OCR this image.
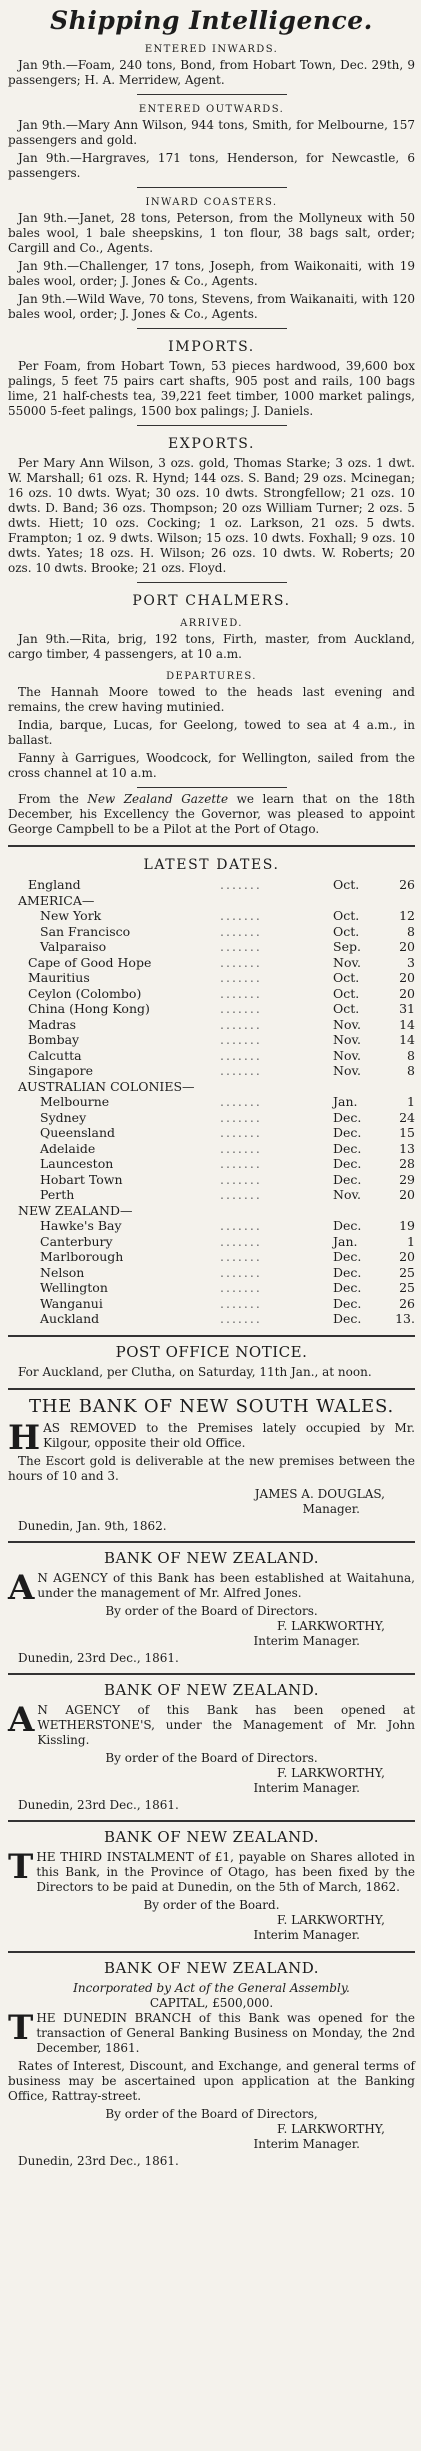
Shipping Intelligence.
ENTERED INWARDS.

Jan 9th.—Foam, 240 tons, Bond, from Hobart Town, Dec. 29th, 9 passengers; H. A. Merridew, Agent.

ENTERED OUTWARDS.

Jan 9th.—Mary Ann Wilson, 944 tons, Smith, for Melbourne, 157 passengers and gold.

Jan 9th.—Hargraves, 171 tons, Henderson, for Newcastle, 6 passengers.

INWARD COASTERS.

Jan 9th.—Janet, 28 tons, Peterson, from the Mollyneux with 50 bales wool, 1 bale sheepskins, 1 ton flour, 38 bags salt, order; Cargill and Co., Agents.

Jan 9th.—Challenger, 17 tons, Joseph, from Waikonaiti, with 19 bales wool, order; J. Jones & Co., Agents.

Jan 9th.—Wild Wave, 70 tons, Stevens, from Waikanaiti, with 120 bales wool, order; J. Jones & Co., Agents.

IMPORTS.

Per Foam, from Hobart Town, 53 pieces hardwood, 39,600 box palings, 5 feet 75 pairs cart shafts, 905 post and rails, 100 bags lime, 21 half-chests tea, 39,221 feet timber, 1000 market palings, 55000 5-feet palings, 1500 box palings; J. Daniels.

EXPORTS.

Per Mary Ann Wilson, 3 ozs. gold, Thomas Starke; 3 ozs. 1 dwt. W. Marshall; 61 ozs. R. Hynd; 144 ozs. S. Band; 29 ozs. Mcinegan; 16 ozs. 10 dwts. Wyat; 30 ozs. 10 dwts. Strongfellow; 21 ozs. 10 dwts. D. Band; 36 ozs. Thompson; 20 ozs William Turner; 2 ozs. 5 dwts. Hiett; 10 ozs. Cocking; 1 oz. Larkson, 21 ozs. 5 dwts. Frampton; 1 oz. 9 dwts. Wilson; 15 ozs. 10 dwts. Foxhall; 9 ozs. 10 dwts. Yates; 18 ozs. H. Wilson; 26 ozs. 10 dwts. W. Roberts; 20 ozs. 10 dwts. Brooke; 21 ozs. Floyd.

PORT CHALMERS.
ARRIVED.

Jan 9th.—Rita, brig, 192 tons, Firth, master, from Auckland, cargo timber, 4 passengers, at 10 a.m.

DEPARTURES.

The Hannah Moore towed to the heads last evening and remains, the crew having mutinied.

India, barque, Lucas, for Geelong, towed to sea at 4 a.m., in ballast.

Fanny à Garrigues, Woodcock, for Wellington, sailed from the cross channel at 10 a.m.

From the New Zealand Gazette we learn that on the 18th December, his Excellency the Governor, was pleased to appoint George Campbell to be a Pilot at the Port of Otago.

LATEST DATES.
England	.......	Oct.	26
AMERICA—			
New York	.......	Oct.	12
San Francisco	.......	Oct.	8
Valparaiso	.......	Sep.	20
Cape of Good Hope	.......	Nov.	3
Mauritius	.......	Oct.	20
Ceylon (Colombo)	.......	Oct.	20
China (Hong Kong)	.......	Oct.	31
Madras	.......	Nov.	14
Bombay	.......	Nov.	14
Calcutta	.......	Nov.	8
Singapore	.......	Nov.	8
AUSTRALIAN COLONIES—			
Melbourne	.......	Jan.	1
Sydney	.......	Dec.	24
Queensland	.......	Dec.	15
Adelaide	.......	Dec.	13
Launceston	.......	Dec.	28
Hobart Town	.......	Dec.	29
Perth	.......	Nov.	20
NEW ZEALAND—			
Hawke's Bay	.......	Dec.	19
Canterbury	.......	Jan.	1
Marlborough	.......	Dec.	20
Nelson	.......	Dec.	25
Wellington	.......	Dec.	25
Wanganui	.......	Dec.	26
Auckland	.......	Dec.	13.
POST OFFICE NOTICE.

For Auckland, per Clutha, on Saturday, 11th Jan., at noon.

THE BANK OF NEW SOUTH WALES.

HAS REMOVED to the Premises lately occupied by Mr. Kilgour, opposite their old Office.

The Escort gold is deliverable at the new premises between the hours of 10 and 3.

JAMES A. DOUGLAS,
Manager.
Dunedin, Jan. 9th, 1862.
BANK OF NEW ZEALAND.

A N AGENCY of this Bank has been established at Waitahuna, under the management of Mr. Alfred Jones.

By order of the Board of Directors.
F. LARKWORTHY,
Interim Manager.
Dunedin, 23rd Dec., 1861.
BANK OF NEW ZEALAND.

A N AGENCY of this Bank has been opened at WETHERSTONE'S, under the Management of Mr. John Kissling.

By order of the Board of Directors.
F. LARKWORTHY,
Interim Manager.
Dunedin, 23rd Dec., 1861.
BANK OF NEW ZEALAND.

THE THIRD INSTALMENT of £1, payable on Shares alloted in this Bank, in the Province of Otago, has been fixed by the Directors to be paid at Dunedin, on the 5th of March, 1862.

By order of the Board.
F. LARKWORTHY,
Interim Manager.
BANK OF NEW ZEALAND.
Incorporated by Act of the General Assembly.
CAPITAL, £500,000.

THE DUNEDIN BRANCH of this Bank was opened for the transaction of General Banking Business on Monday, the 2nd December, 1861.

Rates of Interest, Discount, and Exchange, and general terms of business may be ascertained upon application at the Banking Office, Rattray-street.

By order of the Board of Directors,
F. LARKWORTHY,
Interim Manager.
Dunedin, 23rd Dec., 1861.
